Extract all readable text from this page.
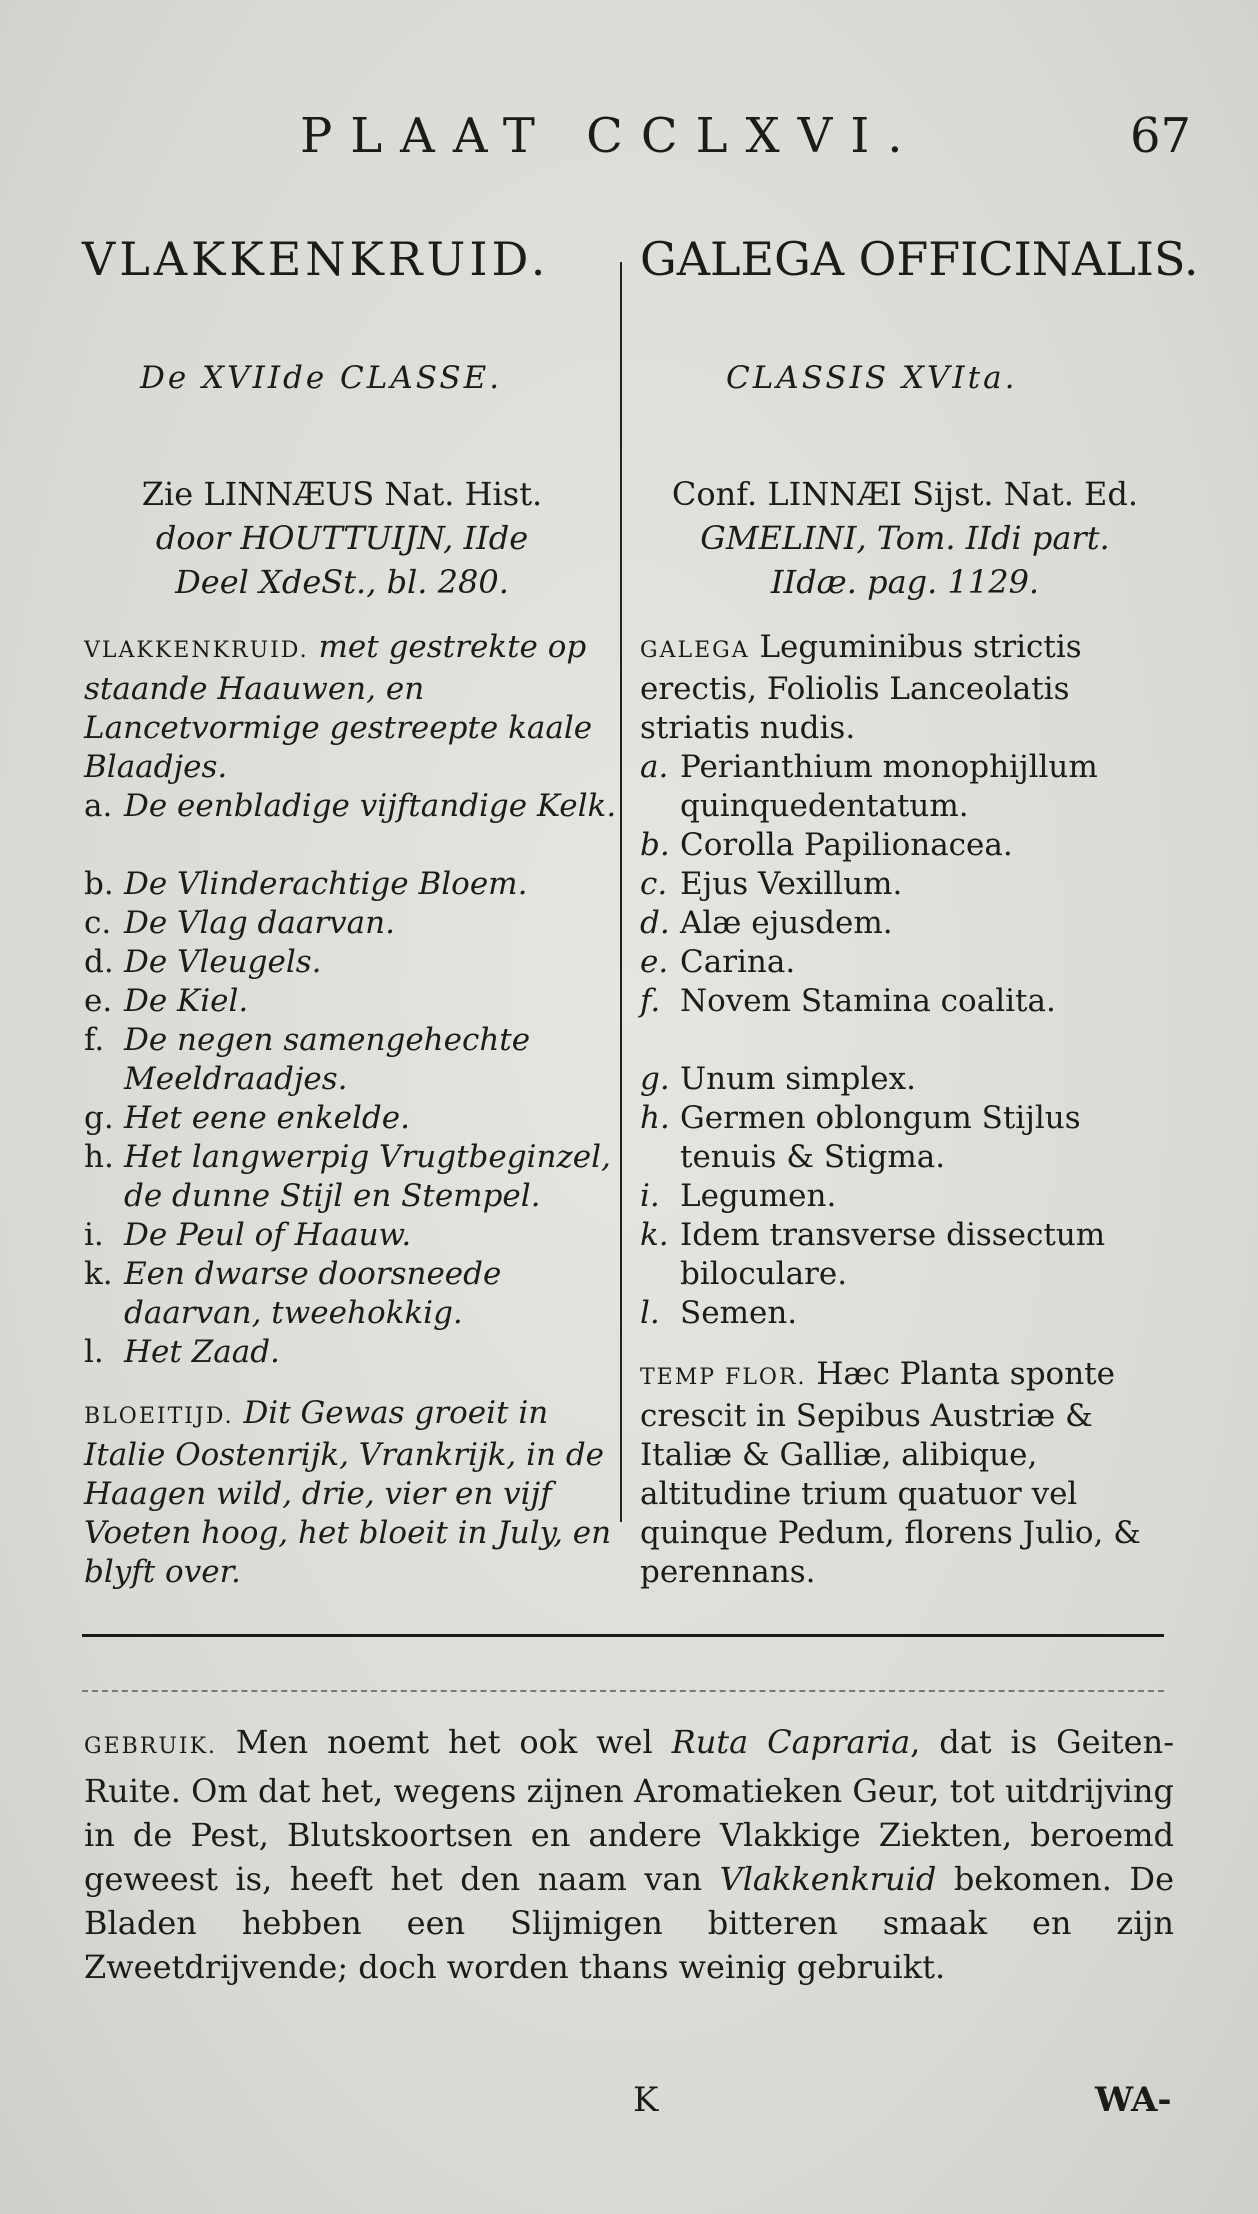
PLAAT CCLXVI.	67
VLAKKENKRUID. GALEGA OFFICINALIS.
De XVIIde CLASSE.	CLASSIS XVIta.
Zie LINNÆUS Nat. Hist.
door HOUTTUIJN, IIde
Deel XdeSt., bl. 280.
Conf. LINNÆI Sijst. Nat. Ed.
GMELINI, Tom. IIdi part.
IIdæ. pag. 1129.

VLAKKENKRUID. met gestrekte op staande Haauwen, en Lancetvormige gestreepte kaale Blaadjes.

a. De eenbladige vijftandige Kelk.
b. De Vlinderachtige Bloem.
c. De Vlag daarvan.
d. De Vleugels.
e. De Kiel.
f. De negen samengehechte Meeldraadjes.
g. Het eene enkelde.
h. Het langwerpig Vrugtbeginzel, de dunne Stijl en Stempel.
i. De Peul of Haauw.
k. Een dwarse doorsneede daarvan, tweehokkig.
l. Het Zaad.

BLOEITIJD. Dit Gewas groeit in Italie Oostenrijk, Vrankrijk, in de Haagen wild, drie, vier en vijf Voeten hoog, het bloeit in July, en blyft over.

GALEGA Leguminibus strictis erectis, Foliolis Lanceolatis striatis nudis.

a. Perianthium monophijllum quinquedentatum.
b. Corolla Papilionacea.
c. Ejus Vexillum.
d. Alæ ejusdem.
e. Carina.
f. Novem Stamina coalita.
g. Unum simplex.
h. Germen oblongum Stijlus tenuis & Stigma.
i. Legumen.
k. Idem transverse dissectum biloculare.
l. Semen.

TEMP FLOR. Hæc Planta sponte crescit in Sepibus Austriæ & Italiæ & Galliæ, alibique, altitudine trium quatuor vel quinque Pedum, florens Julio, & perennans.

GEBRUIK. Men noemt het ook wel Ruta Capraria, dat is Geiten-Ruite. Om dat het, wegens zijnen Aromatieken Geur, tot uitdrijving in de Pest, Blutskoortsen en andere Vlakkige Ziekten, beroemd geweest is, heeft het den naam van Vlakkenkruid bekomen. De Bladen hebben een Slijmigen bitteren smaak en zijn Zweetdrijvende; doch worden thans weinig gebruikt.
K	WA-
